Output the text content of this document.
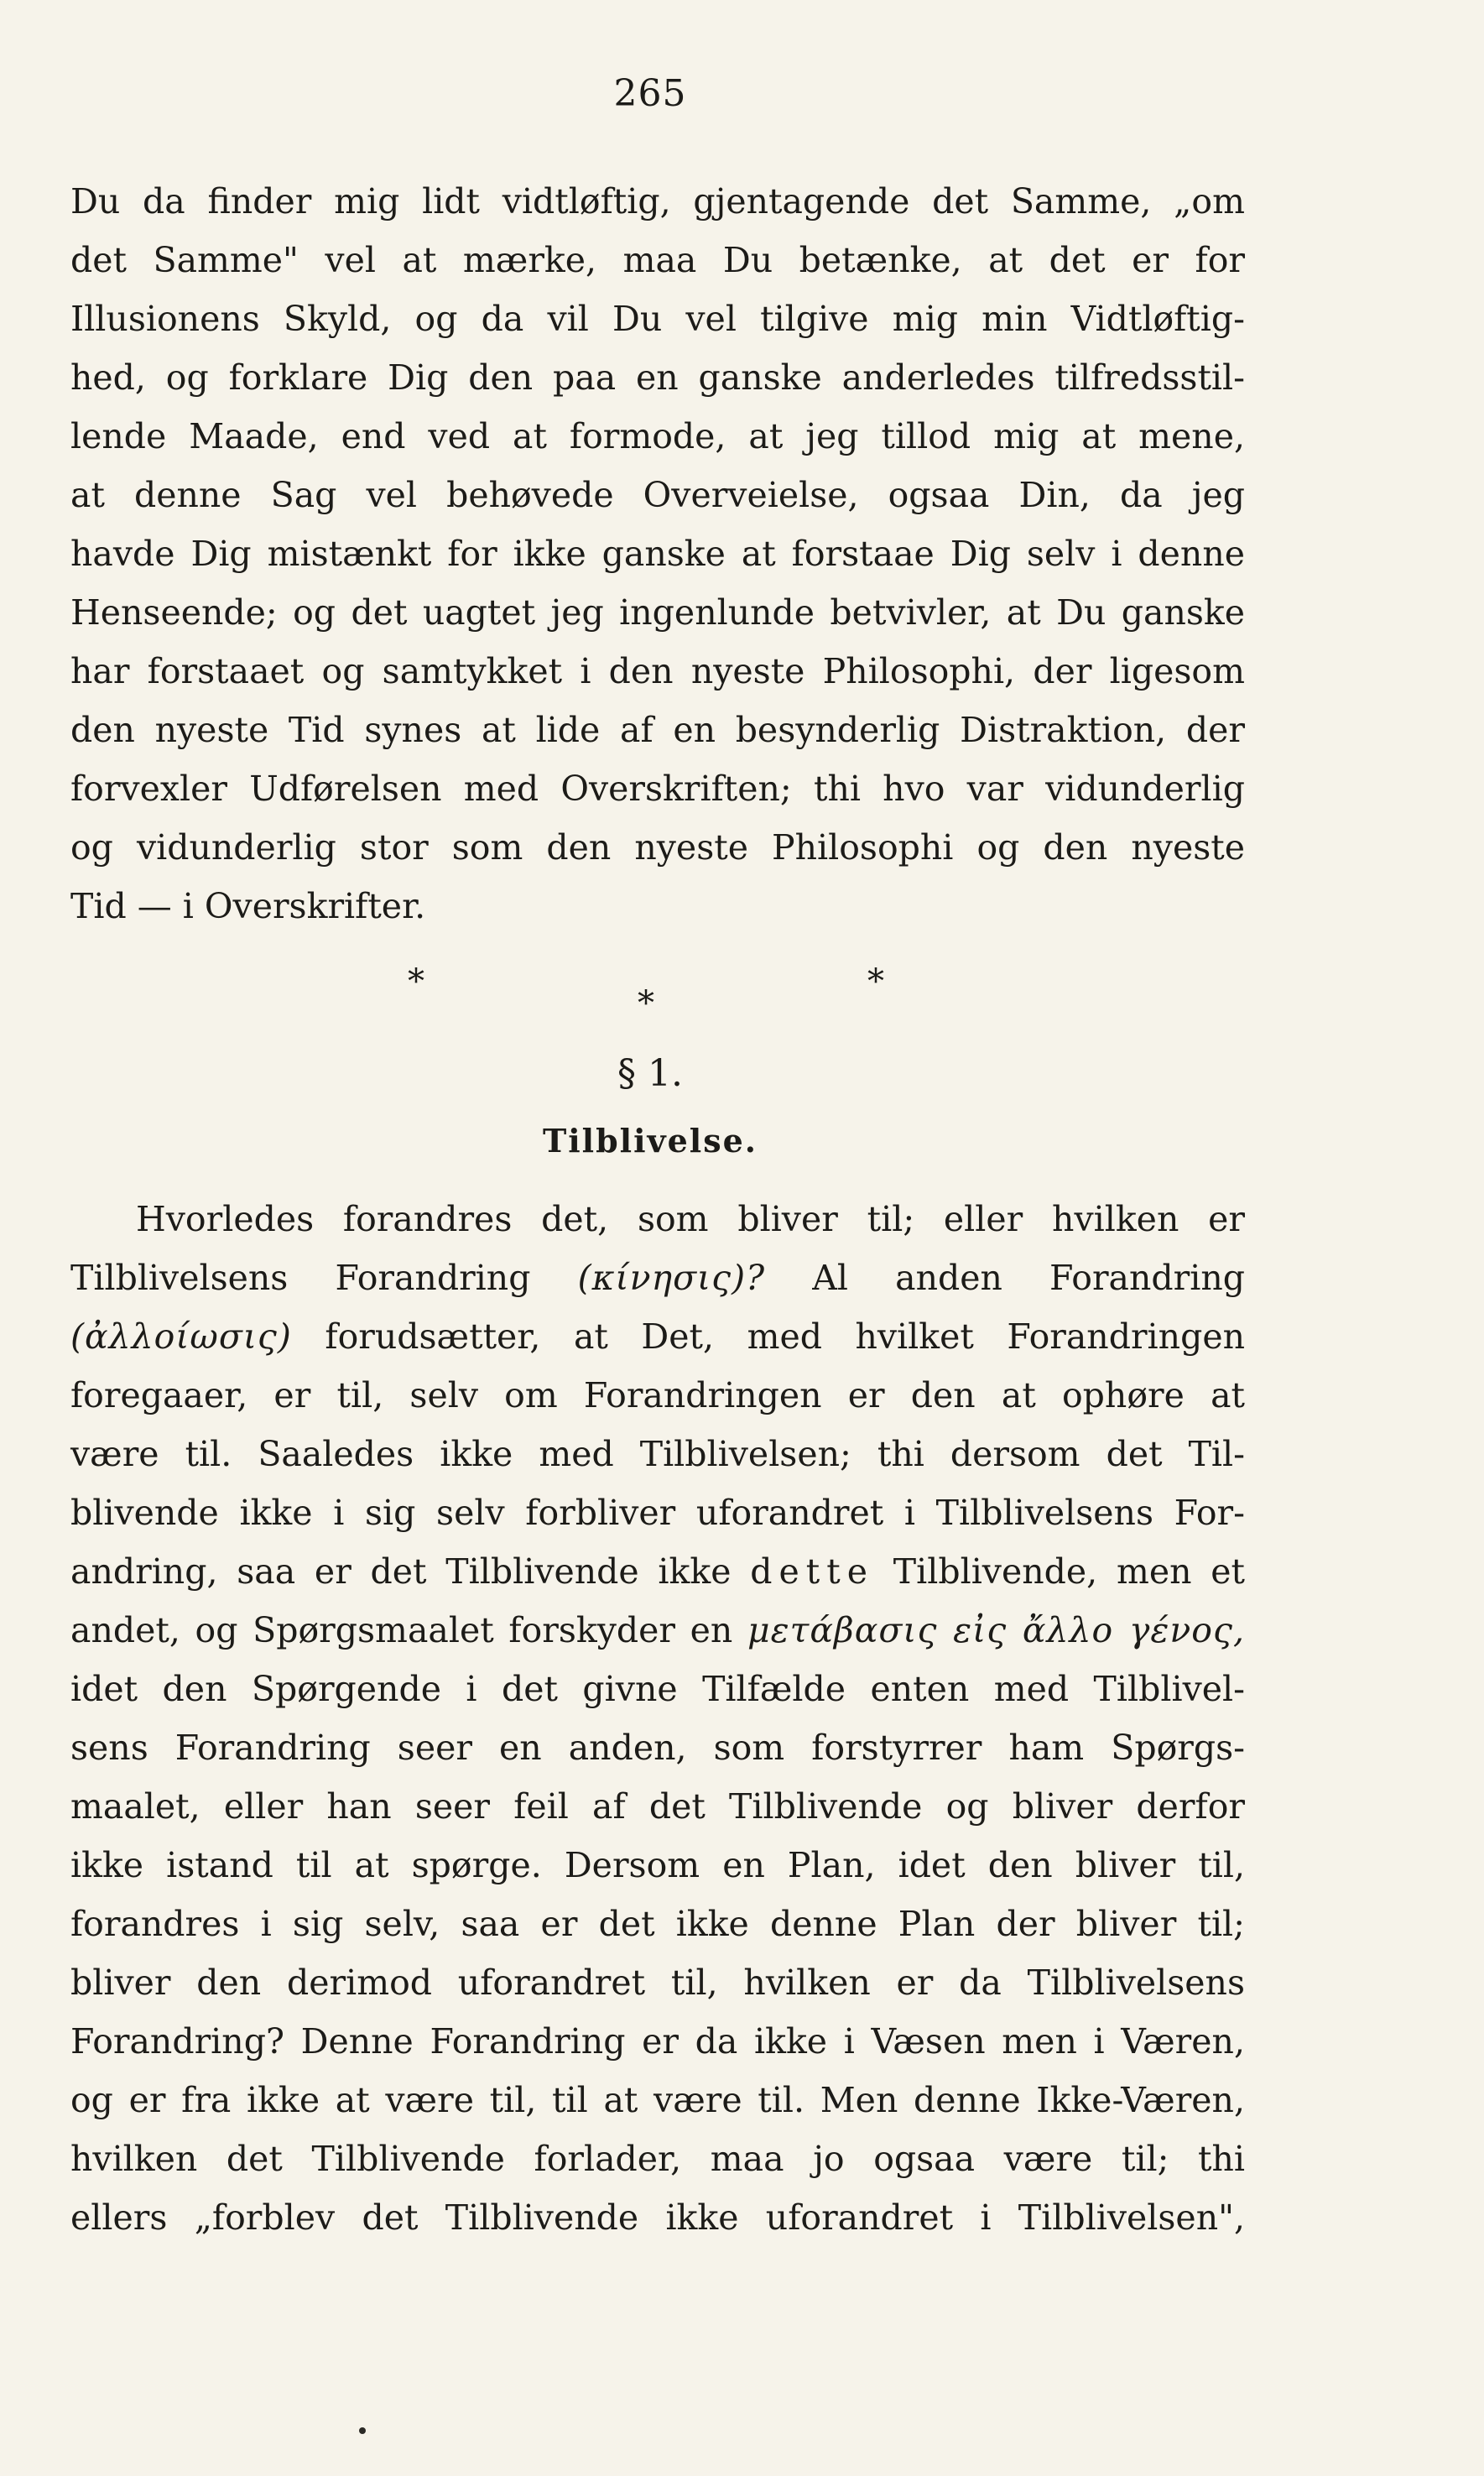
265
Du da finder mig lidt vidtløftig, gjentagende det Samme, „om
det Samme" vel at mærke, maa Du betænke, at det er for
Illusionens Skyld, og da vil Du vel tilgive mig min Vidtløftig-
hed, og forklare Dig den paa en ganske anderledes tilfredsstil-
lende Maade, end ved at formode, at jeg tillod mig at mene,
at denne Sag vel behøvede Overveielse, ogsaa Din, da jeg
havde Dig mistænkt for ikke ganske at forstaae Dig selv i denne
Henseende; og det uagtet jeg ingenlunde betvivler, at Du ganske
har forstaaet og samtykket i den nyeste Philosophi, der ligesom
den nyeste Tid synes at lide af en besynderlig Distraktion, der
forvexler Udførelsen med Overskriften; thi hvo var vidunderlig
og vidunderlig stor som den nyeste Philosophi og den nyeste
Tid — i Overskrifter.
*
*
*
§ 1.
Tilblivelse.
Hvorledes forandres det, som bliver til; eller hvilken er
Tilblivelsens Forandring (κίνησις)? Al anden Forandring
(ἀλλοίωσις) forudsætter, at Det, med hvilket Forandringen
foregaaer, er til, selv om Forandringen er den at ophøre at
være til. Saaledes ikke med Tilblivelsen; thi dersom det Til-
blivende ikke i sig selv forbliver uforandret i Tilblivelsens For-
andring, saa er det Tilblivende ikke dette Tilblivende, men et
andet, og Spørgsmaalet forskyder en μετάβασις εἰς ἄλλο γένος,
idet den Spørgende i det givne Tilfælde enten med Tilblivel-
sens Forandring seer en anden, som forstyrrer ham Spørgs-
maalet, eller han seer feil af det Tilblivende og bliver derfor
ikke istand til at spørge. Dersom en Plan, idet den bliver til,
forandres i sig selv, saa er det ikke denne Plan der bliver til;
bliver den derimod uforandret til, hvilken er da Tilblivelsens
Forandring? Denne Forandring er da ikke i Væsen men i Væren,
og er fra ikke at være til, til at være til. Men denne Ikke-Væren,
hvilken det Tilblivende forlader, maa jo ogsaa være til; thi
ellers „forblev det Tilblivende ikke uforandret i Tilblivelsen",
